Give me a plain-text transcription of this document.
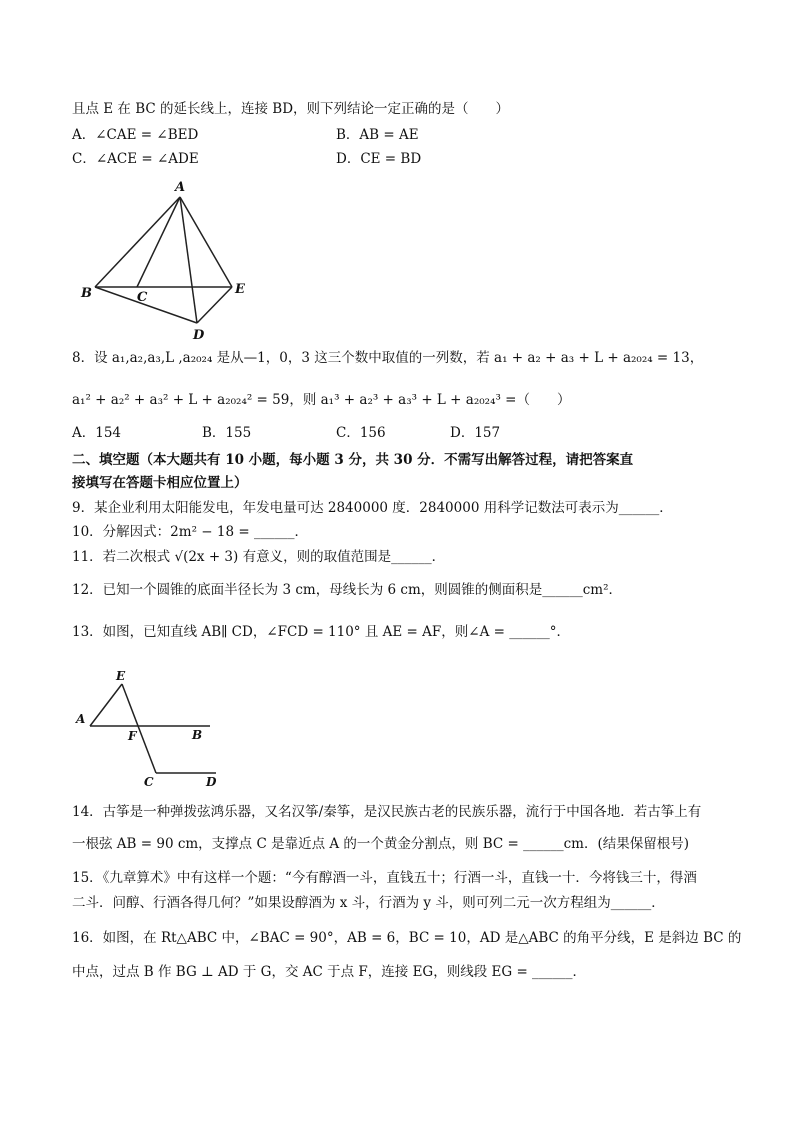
且点 E 在 BC 的延长线上，连接 BD，则下列结论一定正确的是（　　）
A．∠CAE = ∠BED	B．AB = AE
C．∠ACE = ∠ADE	D．CE = BD
A
B	C
E
D
8．设 a₁,a₂,a₃,L ,a₂₀₂₄ 是从—1，0，3 这三个数中取值的一列数，若 a₁ + a₂ + a₃ + L + a₂₀₂₄ = 13，
a₁² + a₂² + a₃² + L + a₂₀₂₄² = 59，则 a₁³ + a₂³ + a₃³ + L + a₂₀₂₄³ =（　　）
A．154	B．155	C．156	D．157
二、填空题（本大题共有 10 小题，每小题 3 分，共 30 分．不需写出解答过程，请把答案直
接填写在答题卡相应位置上）
9．某企业利用太阳能发电，年发电量可达 2840000 度．2840000 用科学记数法可表示为______．
10．分解因式：2m² − 18 = ______．
11．若二次根式 √(2x + 3) 有意义，则的取值范围是______．
12．已知一个圆锥的底面半径长为 3 cm，母线长为 6 cm，则圆锥的侧面积是______cm²．
13．如图，已知直线 AB∥ CD，∠FCD = 110° 且 AE = AF，则∠A = ______°．
E
A
F	B
C	D
14．古筝是一种弹拨弦鸿乐器，又名汉筝/秦筝，是汉民族古老的民族乐器，流行于中国各地．若古筝上有
一根弦 AB = 90 cm，支撑点 C 是靠近点 A 的一个黄金分割点，则 BC = ______cm．(结果保留根号)
15．《九章算术》中有这样一个题：“今有醇酒一斗，直钱五十；行酒一斗，直钱一十．今将钱三十，得酒
二斗．问醇、行酒各得几何？”如果设醇酒为 x 斗，行酒为 y 斗，则可列二元一次方程组为______．
16．如图，在 Rt△ABC 中，∠BAC = 90°，AB = 6，BC = 10，AD 是△ABC 的角平分线，E 是斜边 BC 的
中点，过点 B 作 BG ⊥ AD 于 G，交 AC 于点 F，连接 EG，则线段 EG = ______．
